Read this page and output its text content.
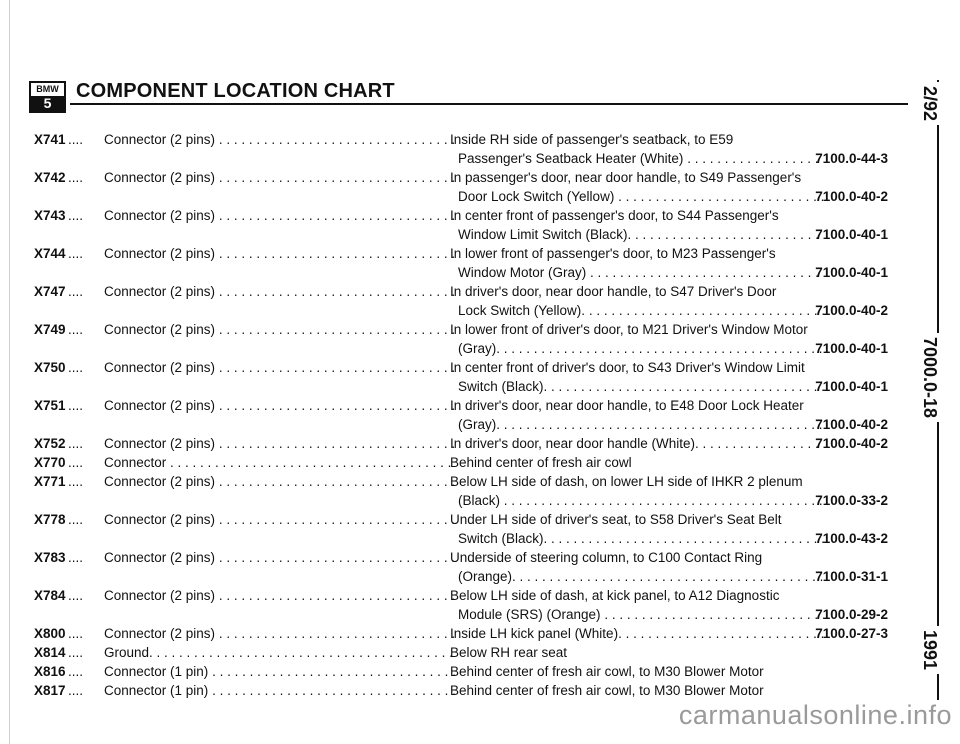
BMW
5
COMPONENT LOCATION CHART
X741 ....	Connector (2 pins) . . .	Inside RH side of passenger's seatback, to E59
Passenger's Seatback Heater (White) . . .	7100.0-44-3
X742 ....	Connector (2 pins) . . .	In passenger's door, near door handle, to S49 Passenger's
Door Lock Switch (Yellow) . . .	7100.0-40-2
X743 ....	Connector (2 pins) . . .	In center front of passenger's door, to S44 Passenger's
Window Limit Switch (Black). . . .	7100.0-40-1
X744 ....	Connector (2 pins) . . .	In lower front of passenger's door, to M23 Passenger's
Window Motor (Gray) . . .	7100.0-40-1
X747 ....	Connector (2 pins) . . .	In driver's door, near door handle, to S47 Driver's Door
Lock Switch (Yellow). . . .	7100.0-40-2
X749 ....	Connector (2 pins) . . .	In lower front of driver's door, to M21 Driver's Window Motor
(Gray). . . .	7100.0-40-1
X750 ....	Connector (2 pins) . . .	In center front of driver's door, to S43 Driver's Window Limit
Switch (Black). . . .	7100.0-40-1
X751 ....	Connector (2 pins) . . .	In driver's door, near door handle, to E48 Door Lock Heater
(Gray). . . .	7100.0-40-2
X752 ....	Connector (2 pins) . . .	In driver's door, near door handle (White). . . .	7100.0-40-2
X770 ....	Connector . . .	Behind center of fresh air cowl
X771 ....	Connector (2 pins) . . .	Below LH side of dash, on lower LH side of IHKR 2 plenum
(Black) . . .	7100.0-33-2
X778 ....	Connector (2 pins) . . .	Under LH side of driver's seat, to S58 Driver's Seat Belt
Switch (Black). . . .	7100.0-43-2
X783 ....	Connector (2 pins) . . .	Underside of steering column, to C100 Contact Ring
(Orange). . . .	7100.0-31-1
X784 ....	Connector (2 pins) . . .	Below LH side of dash, at kick panel, to A12 Diagnostic
Module (SRS) (Orange) . . .	7100.0-29-2
X800 ....	Connector (2 pins) . . .	Inside LH kick panel (White). . . .	7100.0-27-3
X814 ....	Ground. . . .	Below RH rear seat
X816 ....	Connector (1 pin) . . .	Behind center of fresh air cowl, to M30 Blower Motor
X817 ....	Connector (1 pin) . . .	Behind center of fresh air cowl, to M30 Blower Motor
2/92
7000.0-18
1991
carmanualsonline.info
